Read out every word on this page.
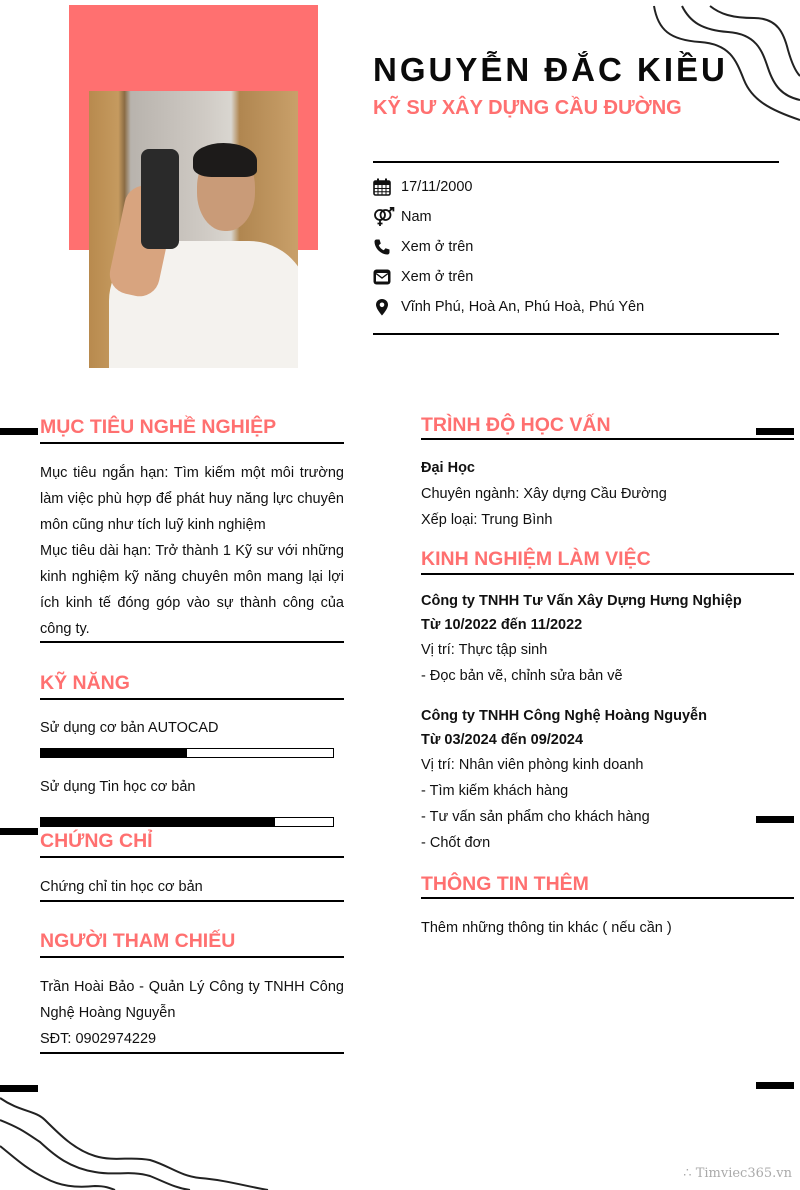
NGUYỄN ĐẮC KIỀU
KỸ SƯ XÂY DỰNG CẦU ĐƯỜNG
17/11/2000
Nam
Xem ở trên
Xem ở trên
Vĩnh Phú, Hoà An, Phú Hoà, Phú Yên
MỤC TIÊU NGHỀ NGHIỆP
Mục tiêu ngắn hạn: Tìm kiếm một môi trường làm việc phù hợp để phát huy năng lực chuyên môn cũng như tích luỹ kinh nghiệm
Mục tiêu dài hạn: Trở thành 1 Kỹ sư với những kinh nghiệm kỹ năng chuyên môn mang lại lợi ích kinh tế đóng góp vào sự thành công của công ty.
KỸ NĂNG
Sử dụng cơ bản AUTOCAD
Sử dụng Tin học cơ bản
CHỨNG CHỈ
Chứng chỉ tin học cơ bản
NGƯỜI THAM CHIẾU
Trần Hoài Bảo - Quản Lý Công ty TNHH Công Nghệ Hoàng Nguyễn
SĐT: 0902974229
TRÌNH ĐỘ HỌC VẤN
Đại Học
Chuyên ngành: Xây dựng Cầu Đường
Xếp loại: Trung Bình
KINH NGHIỆM LÀM VIỆC
Công ty TNHH Tư Vấn Xây Dựng Hưng Nghiệp
Từ 10/2022 đến 11/2022
Vị trí: Thực tập sinh
- Đọc bản vẽ, chỉnh sửa bản vẽ
Công ty TNHH Công Nghệ Hoàng Nguyễn
Từ 03/2024 đến 09/2024
Vị trí: Nhân viên phòng kinh doanh
- Tìm kiếm khách hàng
- Tư vấn sản phẩm cho khách hàng
- Chốt đơn
THÔNG TIN THÊM
Thêm những thông tin khác ( nếu cần )
∴ Timviec365.vn
